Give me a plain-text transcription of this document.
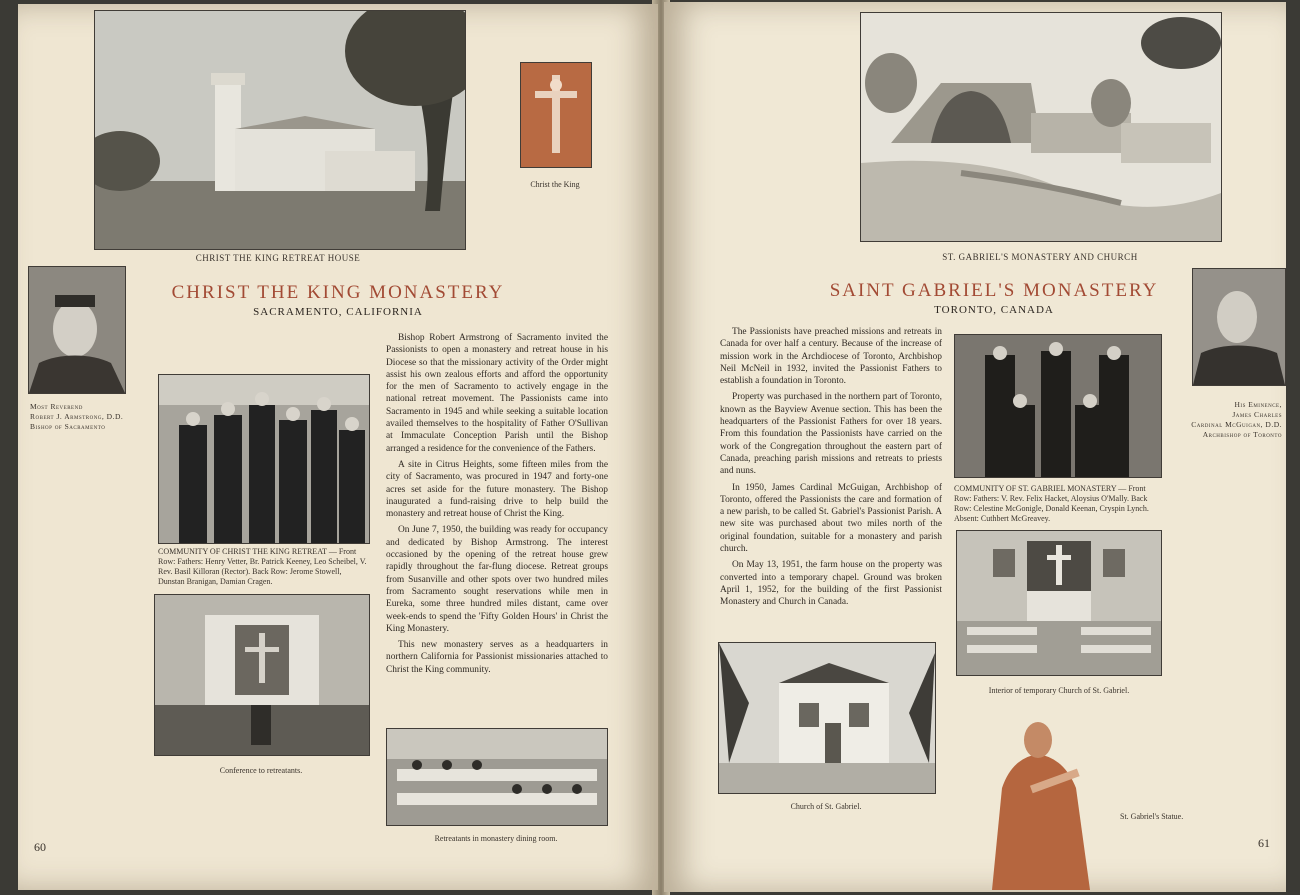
CHRIST THE KING RETREAT HOUSE
Christ the King
Most Reverend
Robert J. Armstrong, D.D.
Bishop of Sacramento
CHRIST THE KING MONASTERY
SACRAMENTO, CALIFORNIA
COMMUNITY OF CHRIST THE KING RETREAT — Front Row: Fathers: Henry Vetter, Br. Patrick Keeney, Leo Scheibel, V. Rev. Basil Killoran (Rector). Back Row: Jerome Stowell, Dunstan Branigan, Damian Cragen.

Bishop Robert Armstrong of Sacramento invited the Passionists to open a monastery and retreat house in his Diocese so that the missionary activity of the Order might assist his own zealous efforts and afford the opportunity for the men of Sacramento to actively engage in the national retreat movement. The Passionists came into Sacramento in 1945 and while seeking a suitable location availed themselves to the hospitality of Father O'Sullivan at Immaculate Conception Parish until the Bishop arranged a residence for the convenience of the Fathers.

A site in Citrus Heights, some fifteen miles from the city of Sacramento, was procured in 1947 and forty-one acres set aside for the future monastery. The Bishop inaugurated a fund-raising drive to help build the monastery and retreat house of Christ the King.

On June 7, 1950, the building was ready for occupancy and dedicated by Bishop Armstrong. The interest occasioned by the opening of the retreat house grew rapidly throughout the far-flung diocese. Retreat groups from Susanville and other spots over two hundred miles from Sacramento sought reservations while men in Eureka, some three hundred miles distant, came over week-ends to spend the 'Fifty Golden Hours' in Christ the King Monastery.

This new monastery serves as a headquarters in northern California for Passionist missionaries attached to Christ the King community.

Conference to retreatants.
Retreatants in monastery dining room.
60
ST. GABRIEL'S MONASTERY AND CHURCH
SAINT GABRIEL'S MONASTERY
TORONTO, CANADA
His Eminence,
James Charles
Cardinal McGuigan, D.D.
Archbishop of Toronto

The Passionists have preached missions and retreats in Canada for over half a century. Because of the increase of mission work in the Archdiocese of Toronto, Archbishop Neil McNeil in 1932, invited the Passionist Fathers to establish a foundation in Toronto.

Property was purchased in the northern part of Toronto, known as the Bayview Avenue section. This has been the headquarters of the Passionist Fathers for over 18 years. From this foundation the Passionists have carried on the work of the Congregation throughout the eastern part of Canada, preaching parish missions and retreats to priests and nuns.

In 1950, James Cardinal McGuigan, Archbishop of Toronto, offered the Passionists the care and formation of a new parish, to be called St. Gabriel's Passionist Parish. A new site was purchased about two miles north of the original foundation, suitable for a monastery and parish church.

On May 13, 1951, the farm house on the property was converted into a temporary chapel. Ground was broken April 1, 1952, for the building of the first Passionist Monastery and Church in Canada.

COMMUNITY OF ST. GABRIEL MONASTERY — Front Row: Fathers: V. Rev. Felix Hacket, Aloysius O'Mally. Back Row: Celestine McGonigle, Donald Keenan, Cryspin Lynch. Absent: Cuthbert McGreavey.
Interior of temporary Church of St. Gabriel.
Church of St. Gabriel.
St. Gabriel's Statue.
61
